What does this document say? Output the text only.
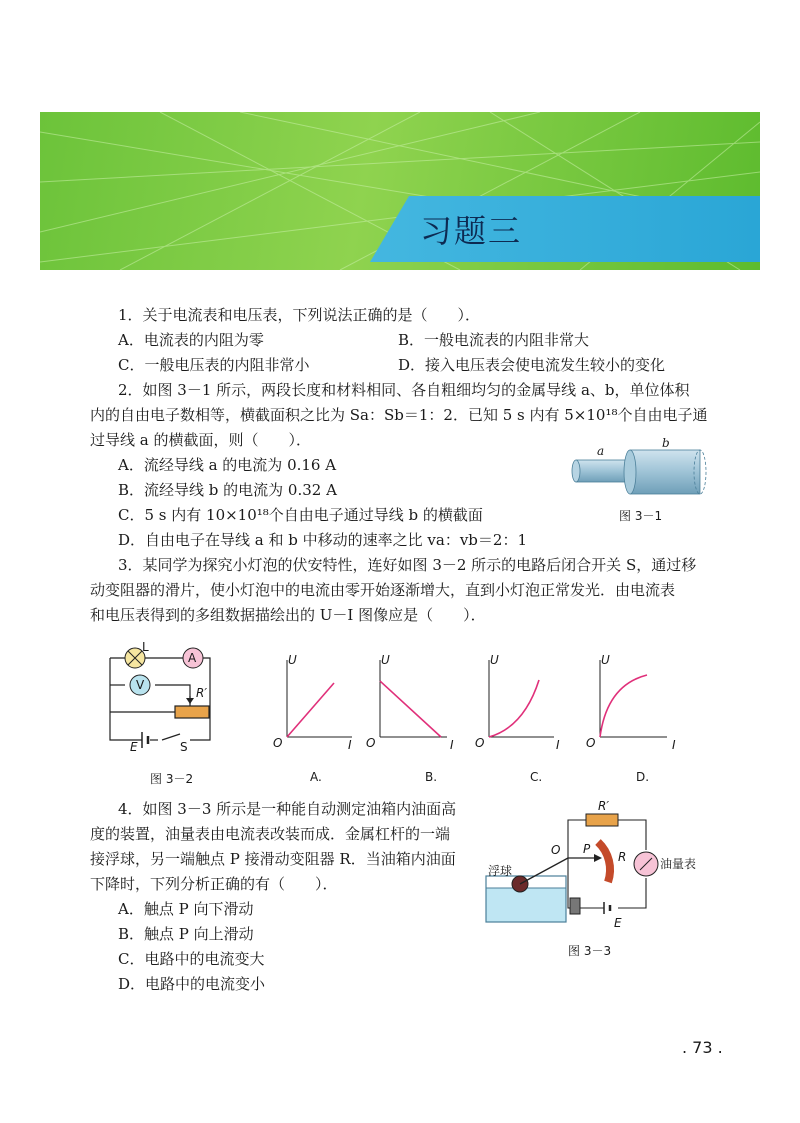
习题三
1．关于电流表和电压表，下列说法正确的是（　　）．
A．电流表的内阻为零	B．一般电流表的内阻非常大
C．一般电压表的内阻非常小	D．接入电压表会使电流发生较小的变化
2．如图 3－1 所示，两段长度和材料相同、各自粗细均匀的金属导线 a、b，单位体积
内的自由电子数相等，横截面积之比为 Sa：Sb＝1：2．已知 5 s 内有 5×10¹⁸个自由电子通
过导线 a 的横截面，则（　　）．
A．流经导线 a 的电流为 0.16 A
B．流经导线 b 的电流为 0.32 A
C．5 s 内有 10×10¹⁸个自由电子通过导线 b 的横截面
D．自由电子在导线 a 和 b 中移动的速率之比 va：vb＝2：1
a
b
图 3－1
3．某同学为探究小灯泡的伏安特性，连好如图 3－2 所示的电路后闭合开关 S，通过移
动变阻器的滑片，使小灯泡中的电流由零开始逐渐增大，直到小灯泡正常发光．由电流表
和电压表得到的多组数据描绘出的 U－I 图像应是（　　）．
L
A
V
R′
E	S
图 3－2
U
I
O
U
I
O
U
I
O
U
I
O
A.	B.	C.	D.
4．如图 3－3 所示是一种能自动测定油箱内油面高
度的装置，油量表由电流表改装而成．金属杠杆的一端
接浮球，另一端触点 P 接滑动变阻器 R．当油箱内油面
下降时，下列分析正确的有（　　）．
A．触点 P 向下滑动
B．触点 P 向上滑动
C．电路中的电流变大
D．电路中的电流变小
浮球	油量表
R′
R
P
O
E
图 3－3
. 73 .
